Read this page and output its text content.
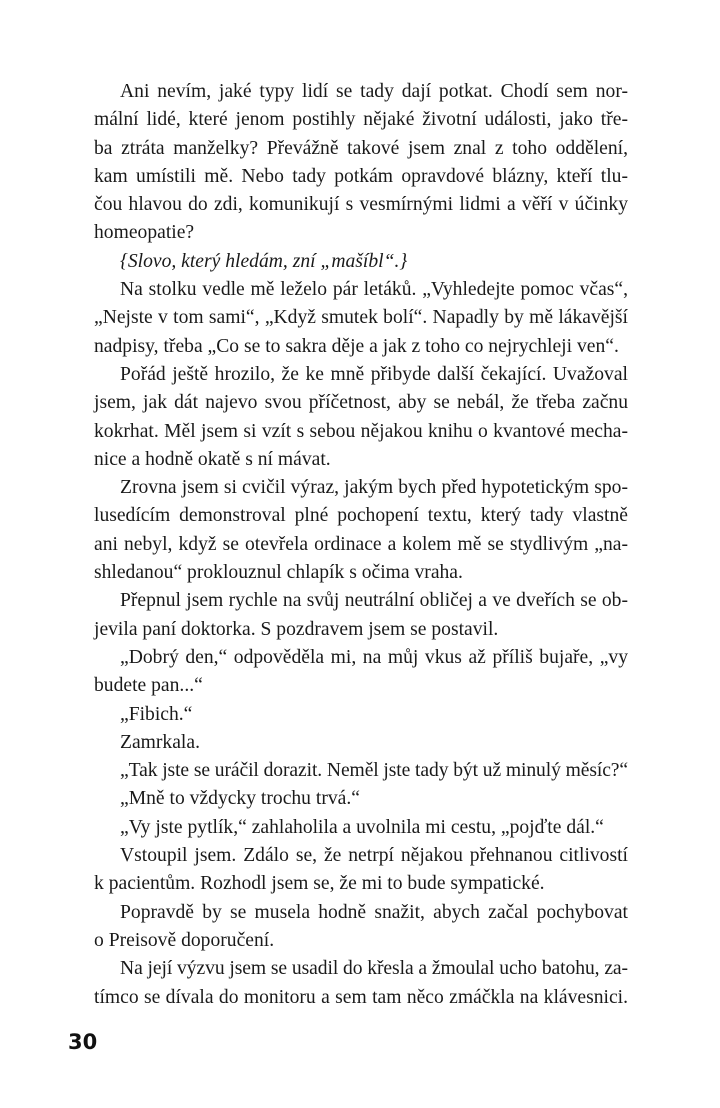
Ani nevím, jaké typy lidí se tady dají potkat. Chodí sem nor-
mální lidé, které jenom postihly nějaké životní události, jako tře-
ba ztráta manželky? Převážně takové jsem znal z toho oddělení,
kam umístili mě. Nebo tady potkám opravdové blázny, kteří tlu-
čou hlavou do zdi, komunikují s vesmírnými lidmi a věří v účinky
homeopatie?
{Slovo, který hledám, zní „mašíbl“.}
Na stolku vedle mě leželo pár letáků. „Vyhledejte pomoc včas“,
„Nejste v tom sami“, „Když smutek bolí“. Napadly by mě lákavější
nadpisy, třeba „Co se to sakra děje a jak z toho co nejrychleji ven“.
Pořád ještě hrozilo, že ke mně přibyde další čekající. Uvažoval
jsem, jak dát najevo svou příčetnost, aby se nebál, že třeba začnu
kokrhat. Měl jsem si vzít s sebou nějakou knihu o kvantové mecha-
nice a hodně okatě s ní mávat.
Zrovna jsem si cvičil výraz, jakým bych před hypotetickým spo-
lusedícím demonstroval plné pochopení textu, který tady vlastně
ani nebyl, když se otevřela ordinace a kolem mě se stydlivým „na-
shledanou“ proklouznul chlapík s očima vraha.
Přepnul jsem rychle na svůj neutrální obličej a ve dveřích se ob-
jevila paní doktorka. S pozdravem jsem se postavil.
„Dobrý den,“ odpověděla mi, na můj vkus až příliš bujaře, „vy
budete pan...“
„Fibich.“
Zamrkala.
„Tak jste se uráčil dorazit. Neměl jste tady být už minulý měsíc?“
„Mně to vždycky trochu trvá.“
„Vy jste pytlík,“ zahlaholila a uvolnila mi cestu, „pojďte dál.“
Vstoupil jsem. Zdálo se, že netrpí nějakou přehnanou citlivostí
k pacientům. Rozhodl jsem se, že mi to bude sympatické.
Popravdě by se musela hodně snažit, abych začal pochybovat
o Preisově doporučení.
Na její výzvu jsem se usadil do křesla a žmoulal ucho batohu, za-
tímco se dívala do monitoru a sem tam něco zmáčkla na klávesnici.
30
